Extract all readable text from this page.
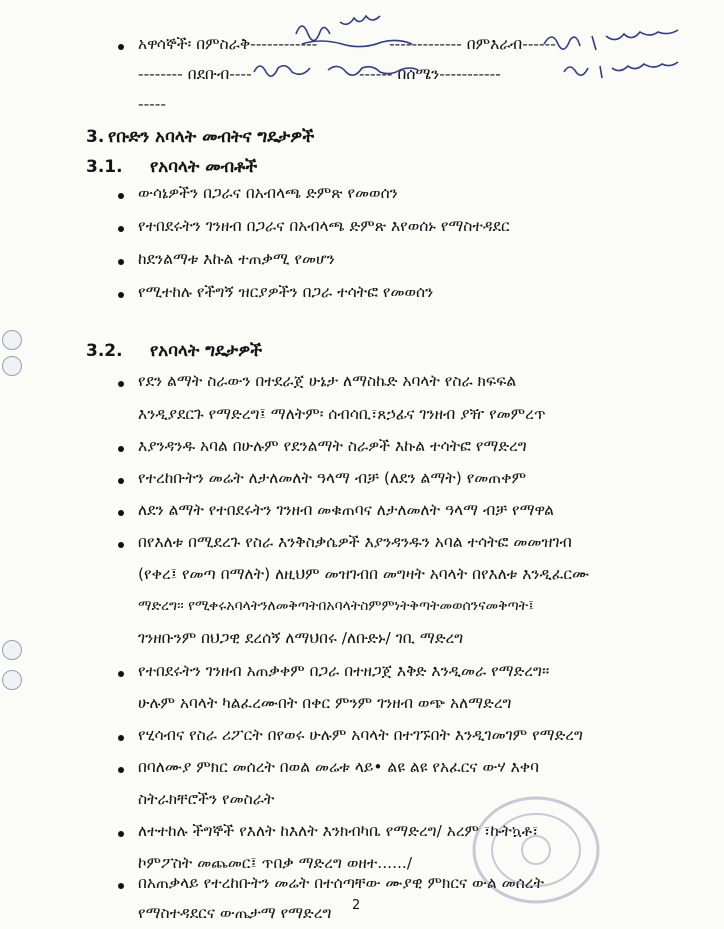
አዋሳኞች፡ በምስራቅ------------	------------- በምእራብ------
-------- በደቡብ----	------ በሰሜን-----------
-----
3. የቡድን አባላት መብትና ግዴታዎች
3.1. የአባላት መብቶች
ውሳኔዎችን በጋራና በአብላጫ ድምጽ የመወሰን
የተበደሩትን ገንዘብ በጋራና በአብላጫ ድምጽ እየወሰኑ የማስተዳደር
ከደንልማቱ እኩል ተጠቃሚ የመሆን
የሚተከሉ የችግኝ ዝርያዎችን በጋራ ተሳትፎ የመወሰን
3.2. የአባላት ግዴታዎች
የደን ልማት ስራውን በተደራጀ ሁኔታ ለማስኬድ አባላት የስራ ክፍፍል
እንዲያደርጉ የማድረግ፤ ማለትም፡ ሰብሳቢ፣ጸኃፊና ገንዘብ ያዥ የመምረጥ
እያንዳንዱ አባል በሁሉም የደንልማት ስራዎች እኩል ተሳትፎ የማድረግ
የተረከቡትን መሬት ለታለመለት ዓላማ ብቻ (ለደን ልማት) የመጠቀም
ለደን ልማት የተበደሩትን ገንዘብ መቁጠባና ለታለመለት ዓላማ ብቻ የማዋል
በየእለቱ በሚደረጉ የስራ እንቅስቃሴዎች እያንዳንዱን አባል ተሳትፎ መመዝገብ
(የቀረ፤ የመጣ በማለት) ለዚህም መዝገብበ መግዛት አባላት በየእለቱ እንዲፈርሙ
ማድረግ፡፡ የሚቀሩአባላትንለመቅጣትበአባላትስምምነትቅጣትመወሰንናመቅጣት፤
ገንዘቡንም በህጋዊ ደረሰኝ ለማህበሩ /ለቡድኑ/ ገቢ ማድረግ
የተበደሩትን ገንዘብ አጠቃቀም በጋራ በተዘጋጀ እቅድ እንዲመራ የማድረግ፡፡
ሁሉም አባላት ካልፈረሙበት በቀር ምንም ገንዘብ ወጭ አለማድረግ
የሂሳብና የስራ ሪፖርት በየወሩ ሁሉም አባላት በተገኙበት እንዲገመገም የማድረግ
በባለሙያ ምክር መሰረት በወል መሬቱ ላይ• ልዩ ልዩ የአፈርና ውሃ እቀባ
ስትራክቸሮችን የመስራት
ለተተከሉ ችግኞች የእለት ከእለት እንክብካቤ የማድረግ/ አረም ፣ኩትኳቶ፣
ኮምፖስት መጨመር፤ ጥበቃ ማድረግ ወዘተ....../
በአጠቃላይ የተረከቡትን መሬት በተሰጣቸው ሙያዊ ምክርና ውል መሰረት
የማስተዳደርና ውጤታማ የማድረግ 2
